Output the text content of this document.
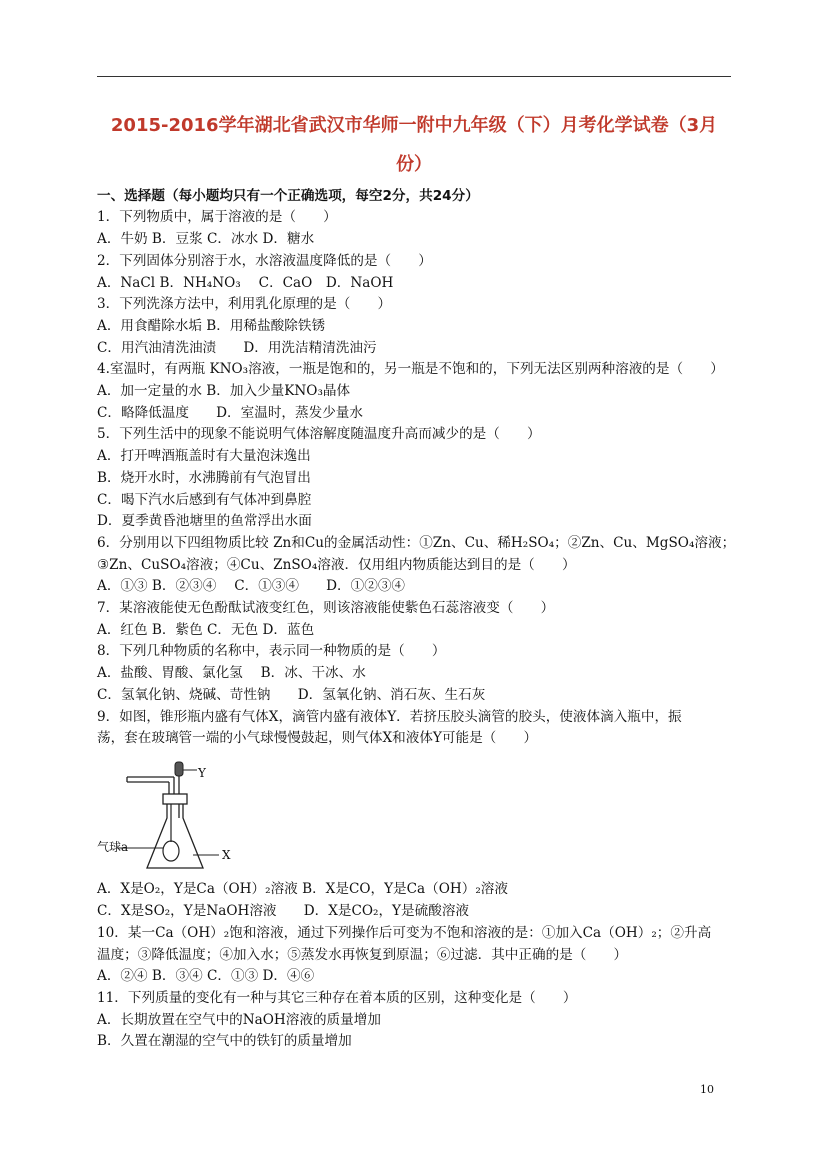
2015-2016学年湖北省武汉市华师一附中九年级（下）月考化学试卷（3月
份）
一、选择题（每小题均只有一个正确选项，每空2分，共24分）
1．下列物质中，属于溶液的是（　　）
A．牛奶 B．豆浆 C．冰水 D．糖水
2．下列固体分别溶于水，水溶液温度降低的是（　　）
A．NaCl B．NH₄NO₃　 C．CaO　D．NaOH
3．下列洗涤方法中，利用乳化原理的是（　　）
A．用食醋除水垢 B．用稀盐酸除铁锈
C．用汽油清洗油渍　　D．用洗洁精清洗油污
4.室温时，有两瓶 KNO₃溶液，一瓶是饱和的，另一瓶是不饱和的，下列无法区别两种溶液的是（　　）
A．加一定量的水 B．加入少量KNO₃晶体
C．略降低温度　　D．室温时，蒸发少量水
5．下列生活中的现象不能说明气体溶解度随温度升高而减少的是（　　）
A．打开啤酒瓶盖时有大量泡沫逸出
B．烧开水时，水沸腾前有气泡冒出
C．喝下汽水后感到有气体冲到鼻腔
D．夏季黄昏池塘里的鱼常浮出水面
6．分别用以下四组物质比较 Zn和Cu的金属活动性：①Zn、Cu、稀H₂SO₄；②Zn、Cu、MgSO₄溶液；
③Zn、CuSO₄溶液；④Cu、ZnSO₄溶液．仅用组内物质能达到目的是（　　）
A．①③ B．②③④　 C．①③④　　D．①②③④
7．某溶液能使无色酚酞试液变红色，则该溶液能使紫色石蕊溶液变（　　）
A．红色 B．紫色 C．无色 D．蓝色
8．下列几种物质的名称中，表示同一种物质的是（　　）
A．盐酸、胃酸、氯化氢　 B．冰、干冰、水
C．氢氧化钠、烧碱、苛性钠　　D．氢氧化钠、消石灰、生石灰
9．如图，锥形瓶内盛有气体X，滴管内盛有液体Y．若挤压胶头滴管的胶头，使液体滴入瓶中，振
荡，套在玻璃管一端的小气球慢慢鼓起，则气体X和液体Y可能是（　　）
Y
X
气球a
A．X是O₂，Y是Ca（OH）₂溶液 B．X是CO，Y是Ca（OH）₂溶液
C．X是SO₂，Y是NaOH溶液　　D．X是CO₂，Y是硫酸溶液
10．某一Ca（OH）₂饱和溶液，通过下列操作后可变为不饱和溶液的是：①加入Ca（OH）₂；②升高
温度；③降低温度；④加入水；⑤蒸发水再恢复到原温；⑥过滤．其中正确的是（　　）
A．②④ B．③④ C．①③ D．④⑥
11．下列质量的变化有一种与其它三种存在着本质的区别，这种变化是（　　）
A．长期放置在空气中的NaOH溶液的质量增加
B．久置在潮湿的空气中的铁钉的质量增加
10
